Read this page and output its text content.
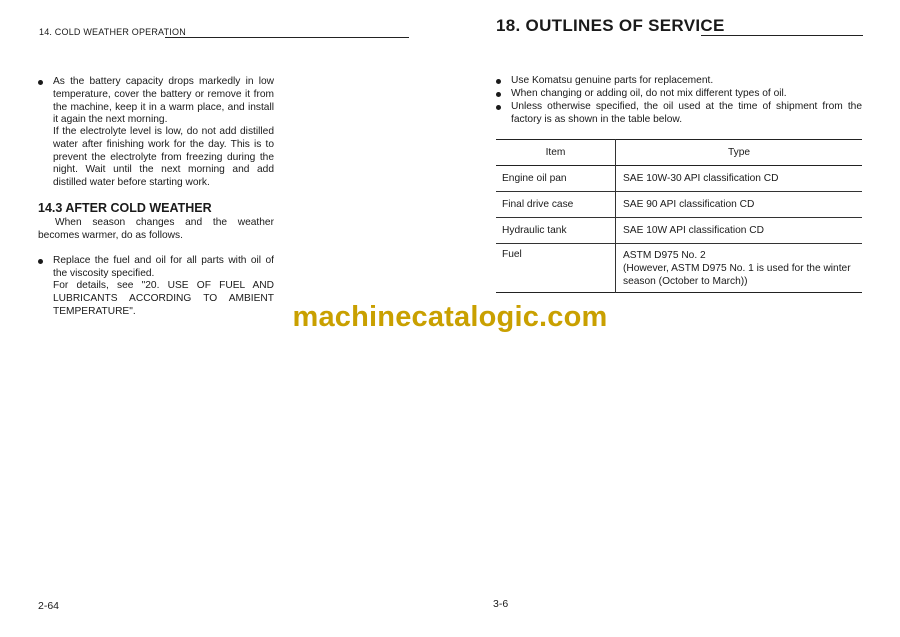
14. COLD WEATHER OPERATION
As the battery capacity drops markedly in low temperature, cover the battery or remove it from the machine, keep it in a warm place, and install it again the next morning.
If the electrolyte level is low, do not add distilled water after finishing work for the day. This is to prevent the electrolyte from freezing during the night. Wait until the next morning and add distilled water before starting work.
14.3 AFTER COLD WEATHER
When season changes and the weather becomes warmer, do as follows.
Replace the fuel and oil for all parts with oil of the viscosity specified.
For details, see "20. USE OF FUEL AND LUBRICANTS ACCORDING TO AMBIENT TEMPERATURE".
2-64
18. OUTLINES OF SERVICE
Use Komatsu genuine parts for replacement.
When changing or adding oil, do not mix different types of oil.
Unless otherwise specified, the oil used at the time of shipment from the factory is as shown in the table below.
Item	Type
Engine oil pan	SAE 10W-30 API classification CD
Final drive case	SAE 90 API classification CD
Hydraulic tank	SAE 10W API classification CD
Fuel	ASTM D975 No. 2
(However, ASTM D975 No. 1 is used for the winter season (October to March))
3-6
machinecatalogic.com
